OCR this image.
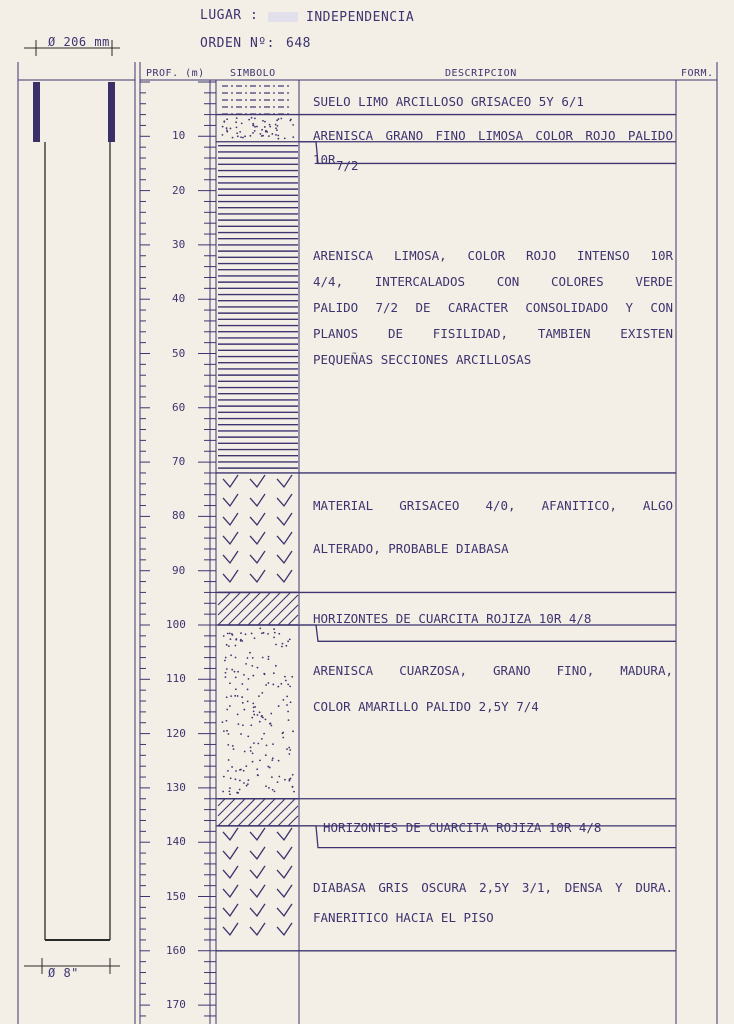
LUGAR :	INDEPENDENCIA
ORDEN Nº: 648
Ø 206 mm
Ø 8"
PROF. (m)	SIMBOLO	DESCRIPCION	FORM.
10
20
30
40
50
60
70
80
90
100
110
120
130
140
150
160
170
SUELO LIMO ARCILLOSO GRISACEO 5Y 6/1
ARENISCA GRANO FINO LIMOSA COLOR ROJO PALIDO 10R 7/2
ARENISCA LIMOSA, COLOR ROJO INTENSO 10R
4/4, INTERCALADOS CON COLORES VERDE
PALIDO 7/2 DE CARACTER CONSOLIDADO Y CON
PLANOS DE FISILIDAD, TAMBIEN EXISTEN
PEQUEÑAS SECCIONES ARCILLOSAS
MATERIAL GRISACEO 4/0, AFANITICO, ALGO
ALTERADO, PROBABLE DIABASA
HORIZONTES DE CUARCITA ROJIZA 10R 4/8
ARENISCA CUARZOSA, GRANO FINO, MADURA,
COLOR AMARILLO PALIDO 2,5Y 7/4
HORIZONTES DE CUARCITA ROJIZA 10R 4/8
DIABASA GRIS OSCURA 2,5Y 3/1, DENSA Y DURA.
FANERITICO HACIA EL PISO
